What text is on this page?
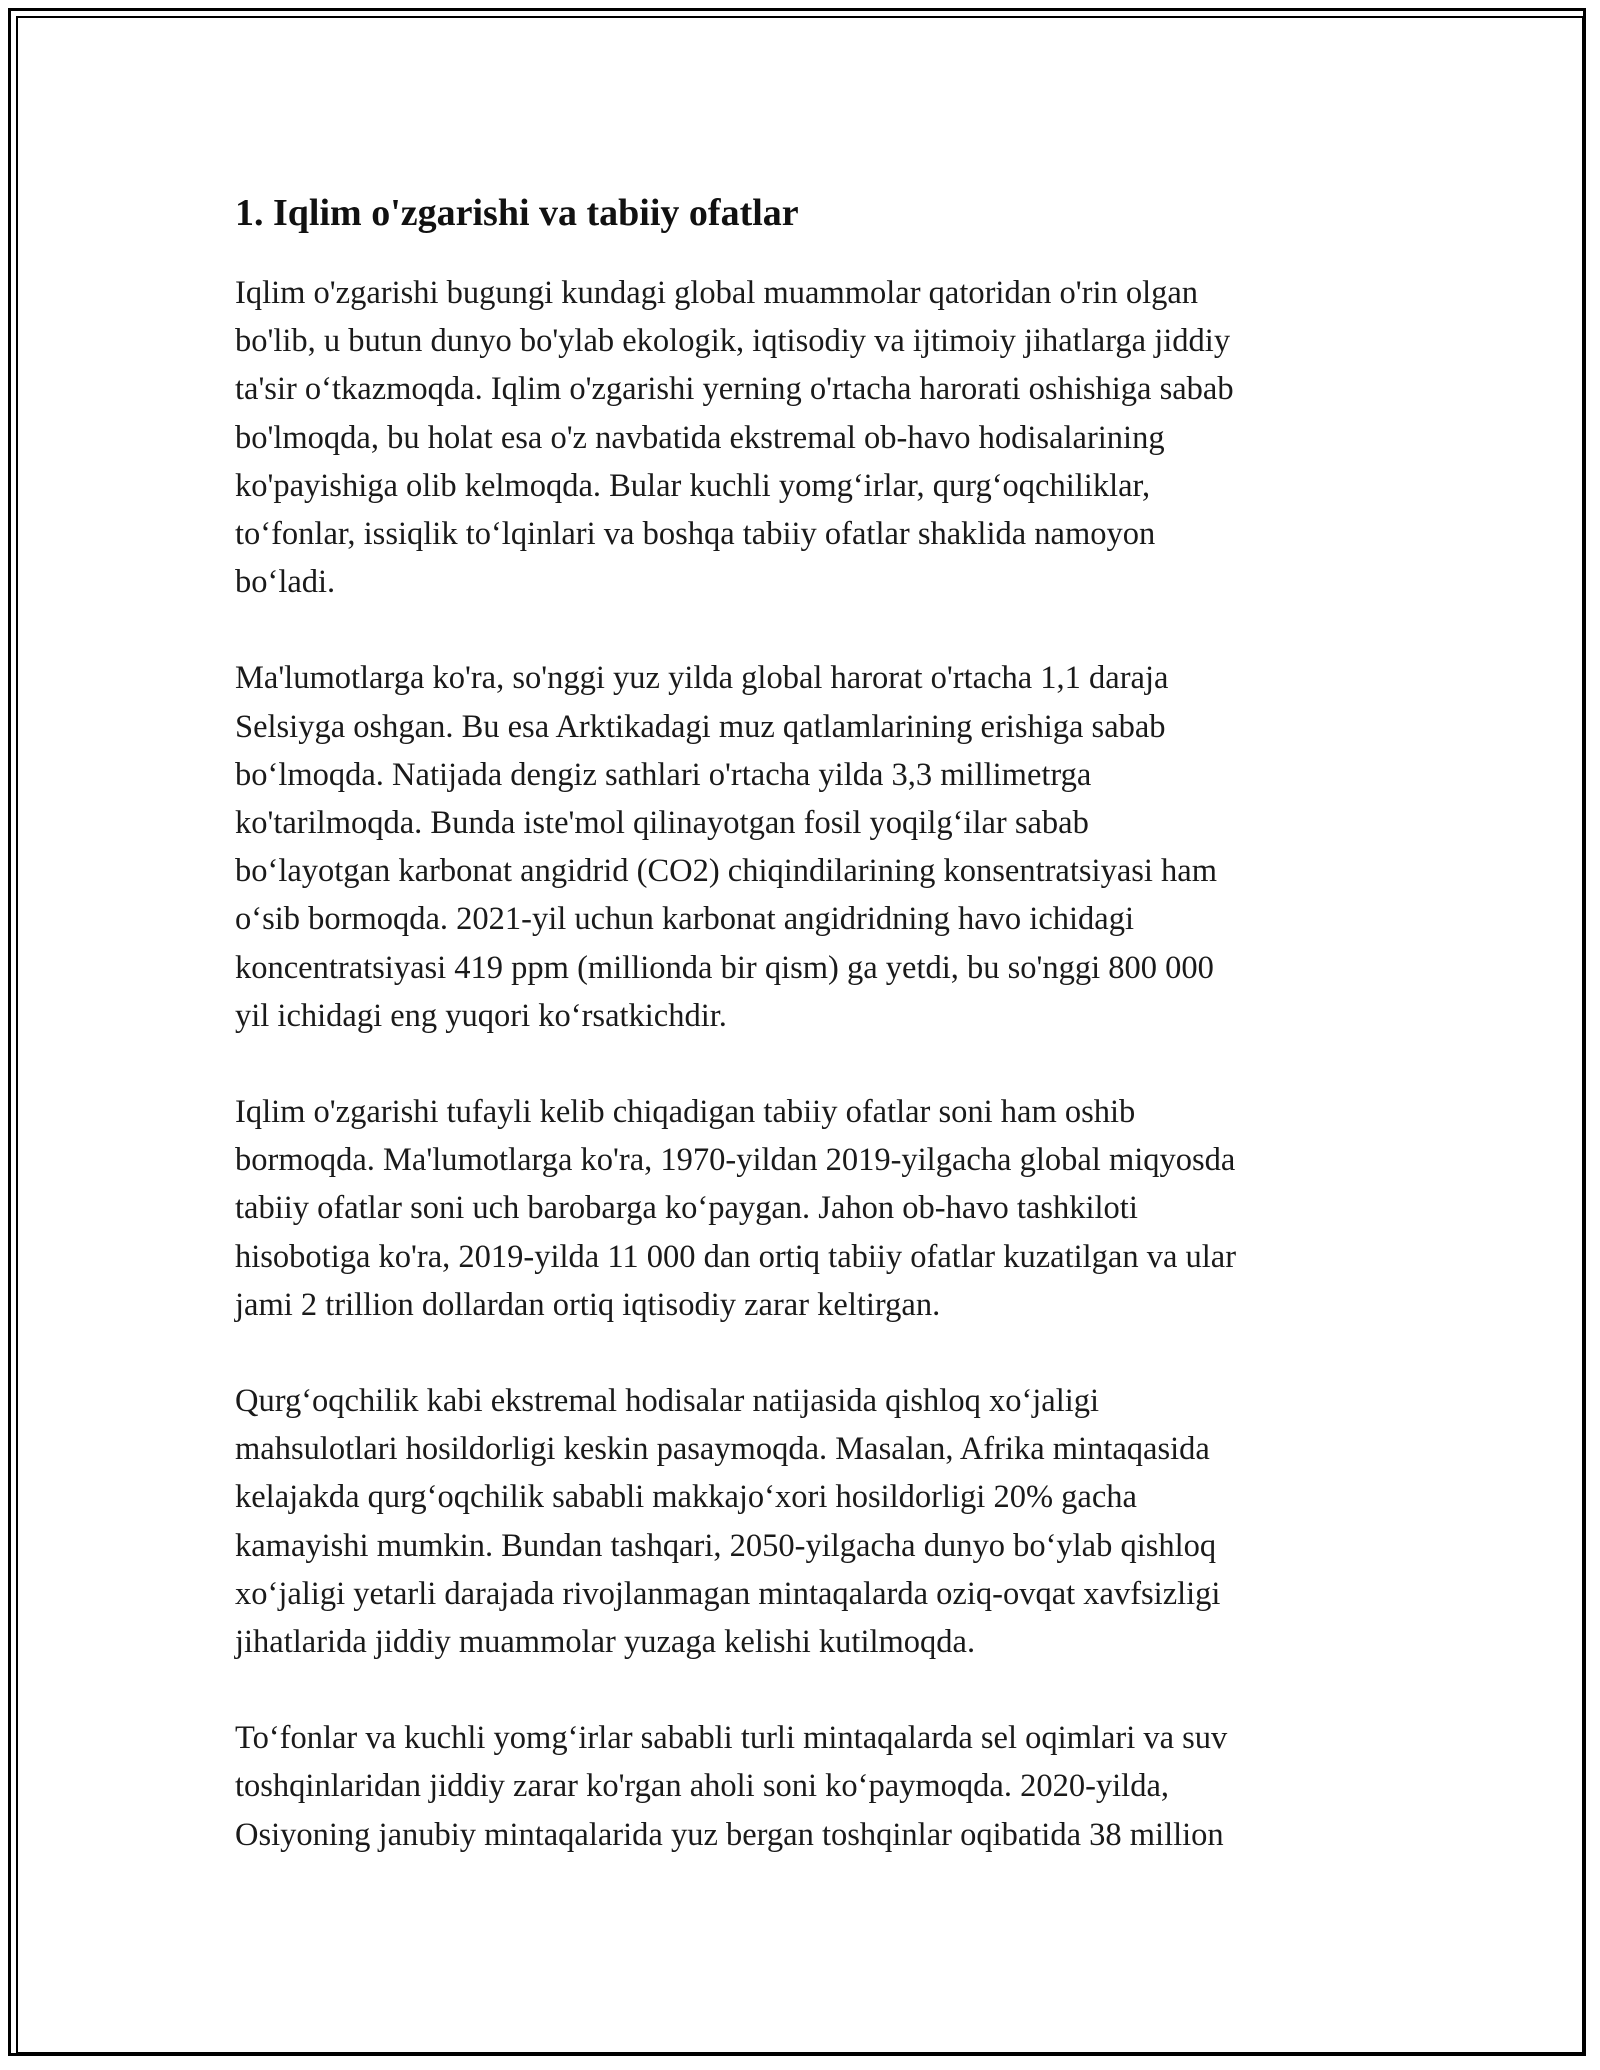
1. Iqlim o'zgarishi va tabiiy ofatlar

Iqlim o'zgarishi bugungi kundagi global muammolar qatoridan o'rin olgan
bo'lib, u butun dunyo bo'ylab ekologik, iqtisodiy va ijtimoiy jihatlarga jiddiy
ta'sir o‘tkazmoqda. Iqlim o'zgarishi yerning o'rtacha harorati oshishiga sabab
bo'lmoqda, bu holat esa o'z navbatida ekstremal ob-havo hodisalarining
ko'payishiga olib kelmoqda. Bular kuchli yomg‘irlar, qurg‘oqchiliklar,
to‘fonlar, issiqlik to‘lqinlari va boshqa tabiiy ofatlar shaklida namoyon
bo‘ladi.

Ma'lumotlarga ko'ra, so'nggi yuz yilda global harorat o'rtacha 1,1 daraja
Selsiyga oshgan. Bu esa Arktikadagi muz qatlamlarining erishiga sabab
bo‘lmoqda. Natijada dengiz sathlari o'rtacha yilda 3,3 millimetrga
ko'tarilmoqda. Bunda iste'mol qilinayotgan fosil yoqilg‘ilar sabab
bo‘layotgan karbonat angidrid (CO2) chiqindilarining konsentratsiyasi ham
o‘sib bormoqda. 2021-yil uchun karbonat angidridning havo ichidagi
koncentratsiyasi 419 ppm (millionda bir qism) ga yetdi, bu so'nggi 800 000
yil ichidagi eng yuqori ko‘rsatkichdir.

Iqlim o'zgarishi tufayli kelib chiqadigan tabiiy ofatlar soni ham oshib
bormoqda. Ma'lumotlarga ko'ra, 1970-yildan 2019-yilgacha global miqyosda
tabiiy ofatlar soni uch barobarga ko‘paygan. Jahon ob-havo tashkiloti
hisobotiga ko'ra, 2019-yilda 11 000 dan ortiq tabiiy ofatlar kuzatilgan va ular
jami 2 trillion dollardan ortiq iqtisodiy zarar keltirgan.

Qurg‘oqchilik kabi ekstremal hodisalar natijasida qishloq xo‘jaligi
mahsulotlari hosildorligi keskin pasaymoqda. Masalan, Afrika mintaqasida
kelajakda qurg‘oqchilik sababli makkajo‘xori hosildorligi 20% gacha
kamayishi mumkin. Bundan tashqari, 2050-yilgacha dunyo bo‘ylab qishloq
xo‘jaligi yetarli darajada rivojlanmagan mintaqalarda oziq-ovqat xavfsizligi
jihatlarida jiddiy muammolar yuzaga kelishi kutilmoqda.

To‘fonlar va kuchli yomg‘irlar sababli turli mintaqalarda sel oqimlari va suv
toshqinlaridan jiddiy zarar ko'rgan aholi soni ko‘paymoqda. 2020-yilda,
Osiyoning janubiy mintaqalarida yuz bergan toshqinlar oqibatida 38 million
